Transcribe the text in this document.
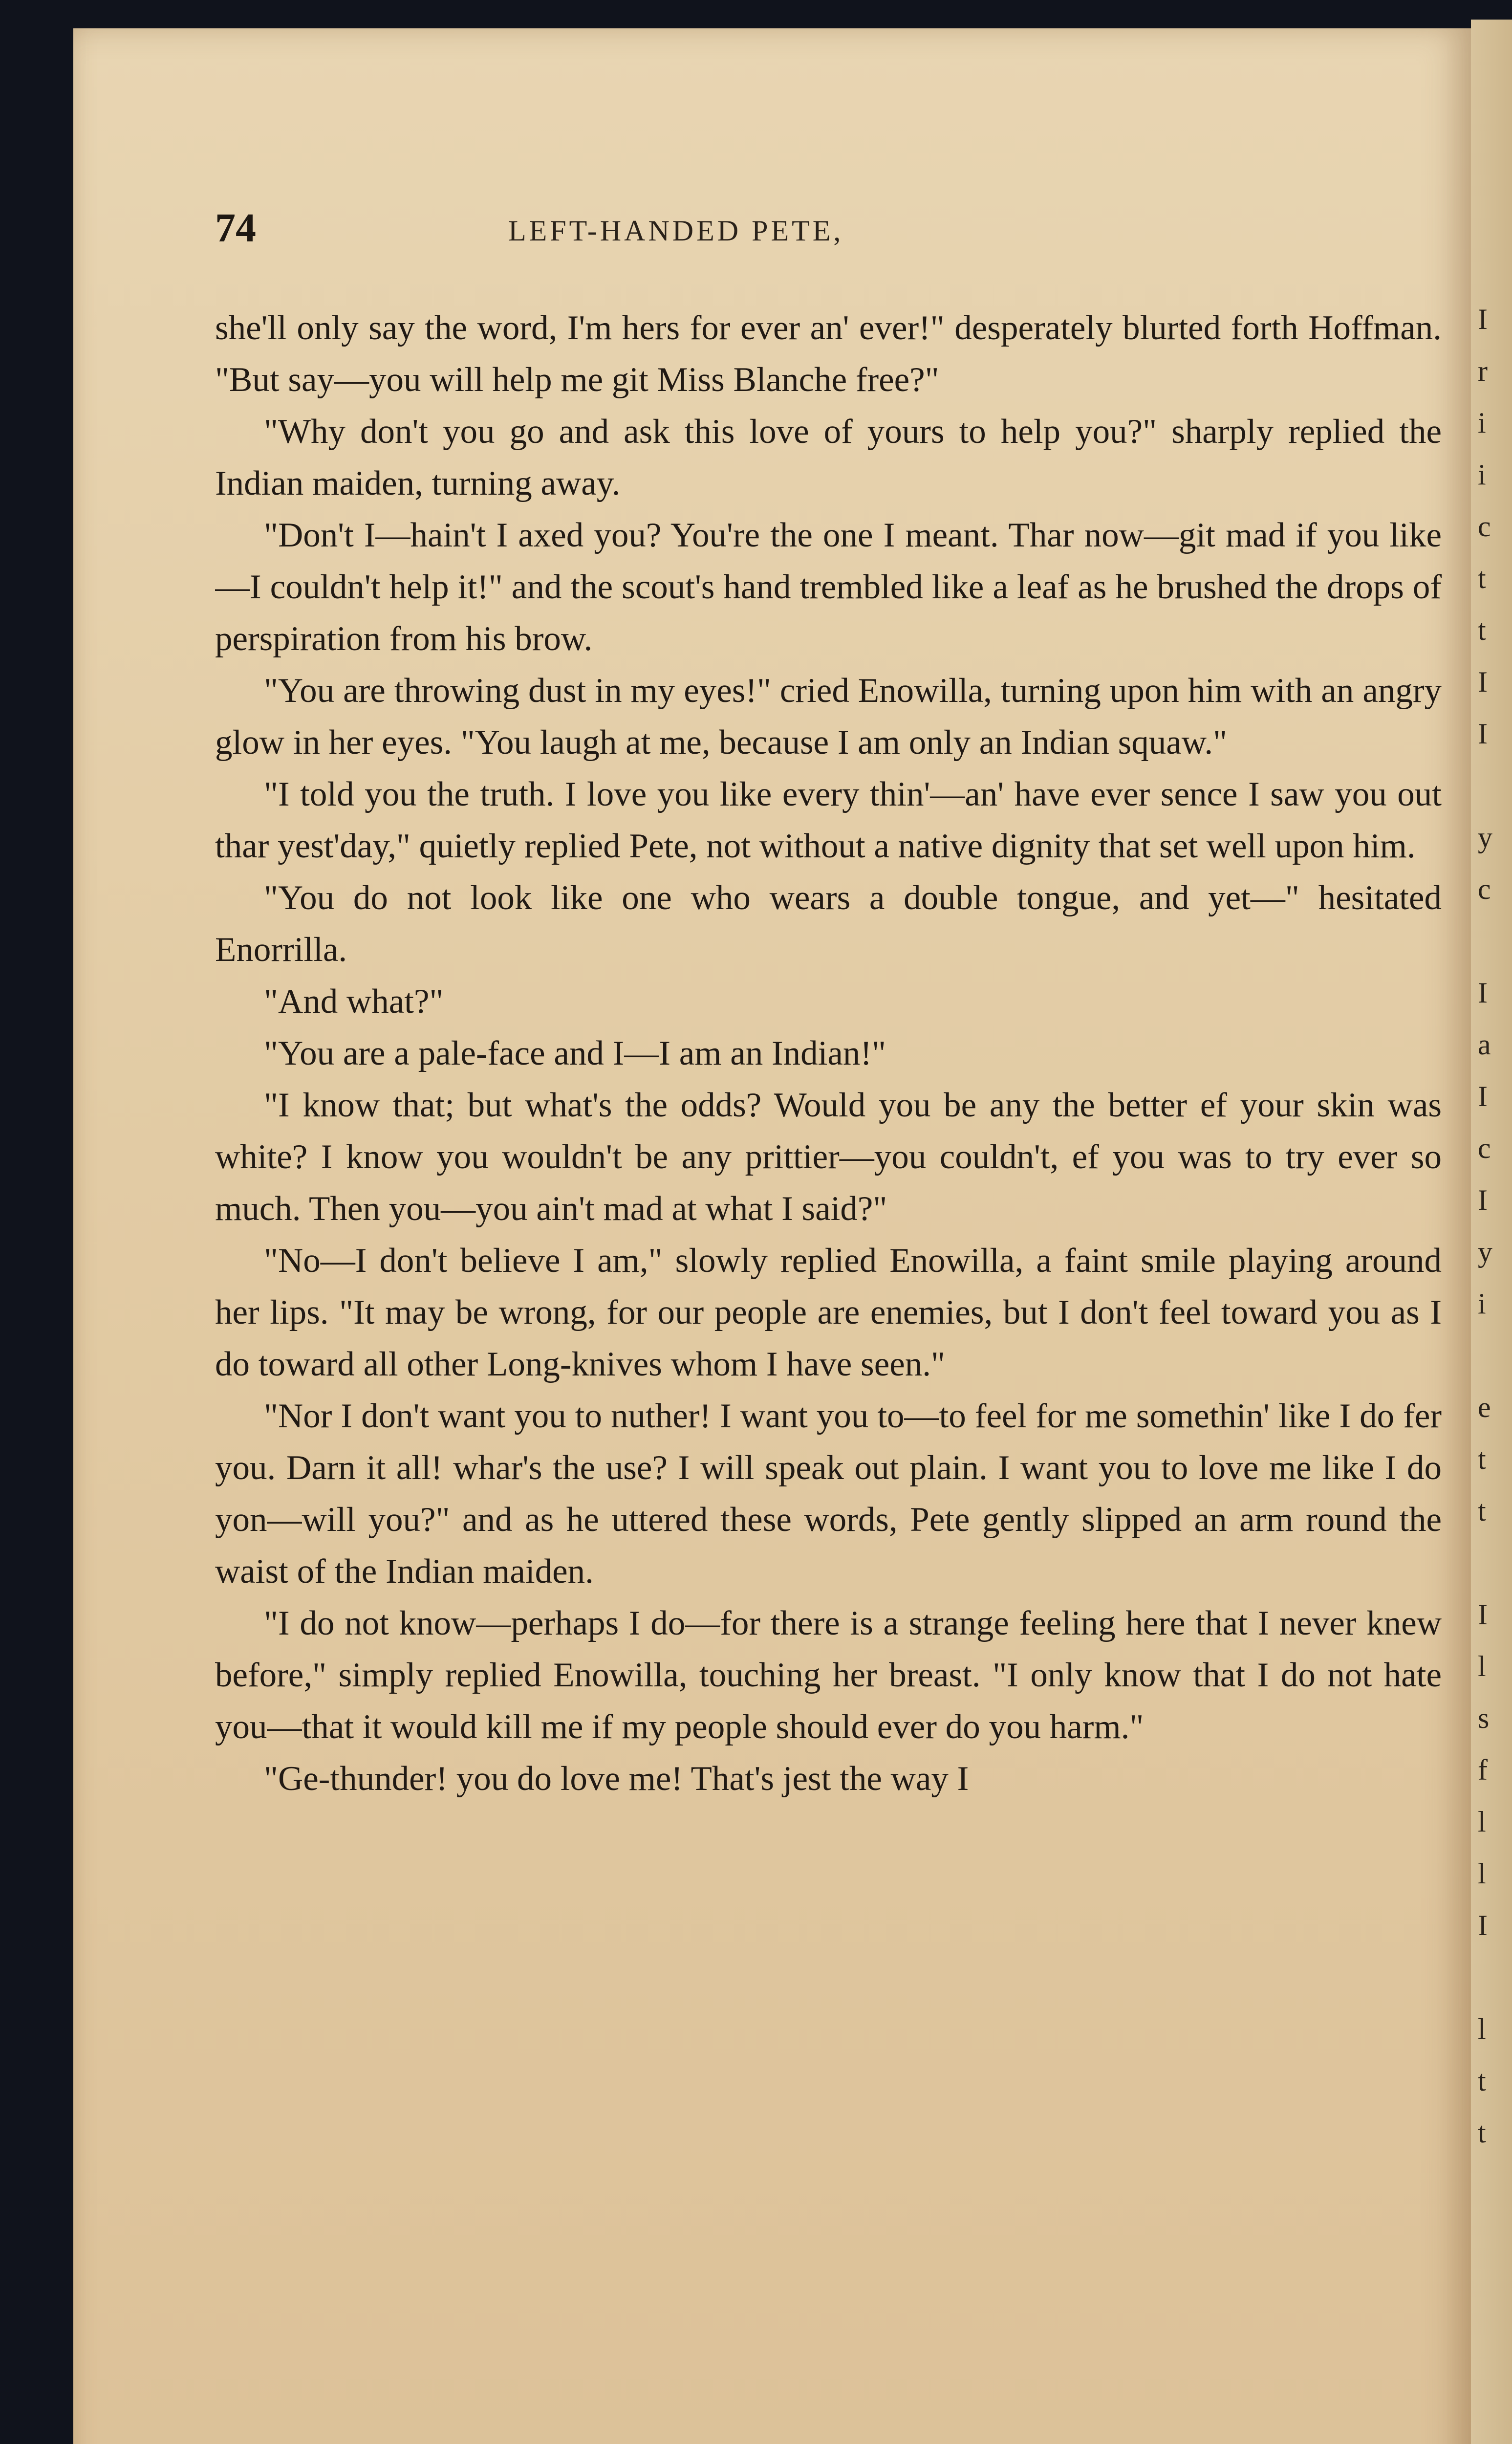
74	LEFT-HANDED PETE,

she'll only say the word, I'm hers for ever an' ever!" desperately blurted forth Hoffman. "But say—you will help me git Miss Blanche free?"

"Why don't you go and ask this love of yours to help you?" sharply replied the Indian maiden, turning away.

"Don't I—hain't I axed you? You're the one I meant. Thar now—git mad if you like—I couldn't help it!" and the scout's hand trembled like a leaf as he brushed the drops of perspiration from his brow.

"You are throwing dust in my eyes!" cried Enowilla, turning upon him with an angry glow in her eyes. "You laugh at me, because I am only an Indian squaw."

"I told you the truth. I love you like every thin'—an' have ever sence I saw you out thar yest'day," quietly replied Pete, not without a native dignity that set well upon him.

"You do not look like one who wears a double tongue, and yet—" hesitated Enorrilla.

"And what?"

"You are a pale-face and I—I am an Indian!"

"I know that; but what's the odds? Would you be any the better ef your skin was white? I know you wouldn't be any prittier—you couldn't, ef you was to try ever so much. Then you—you ain't mad at what I said?"

"No—I don't believe I am," slowly replied Enowilla, a faint smile playing around her lips. "It may be wrong, for our people are enemies, but I don't feel toward you as I do toward all other Long-knives whom I have seen."

"Nor I don't want you to nuther! I want you to—to feel for me somethin' like I do fer you. Darn it all! whar's the use? I will speak out plain. I want you to love me like I do yon—will you?" and as he uttered these words, Pete gently slipped an arm round the waist of the Indian maiden.

"I do not know—perhaps I do—for there is a strange feeling here that I never knew before," simply replied Enowilla, touching her breast. "I only know that I do not hate you—that it would kill me if my people should ever do you harm."

"Ge-thunder! you do love me! That's jest the way I

I
r
i
i
c
t
t
I
I

y
c

I
a
I
c
I
y
i

e
t
t

I
l
s
f
l
l
I

l
t
t
